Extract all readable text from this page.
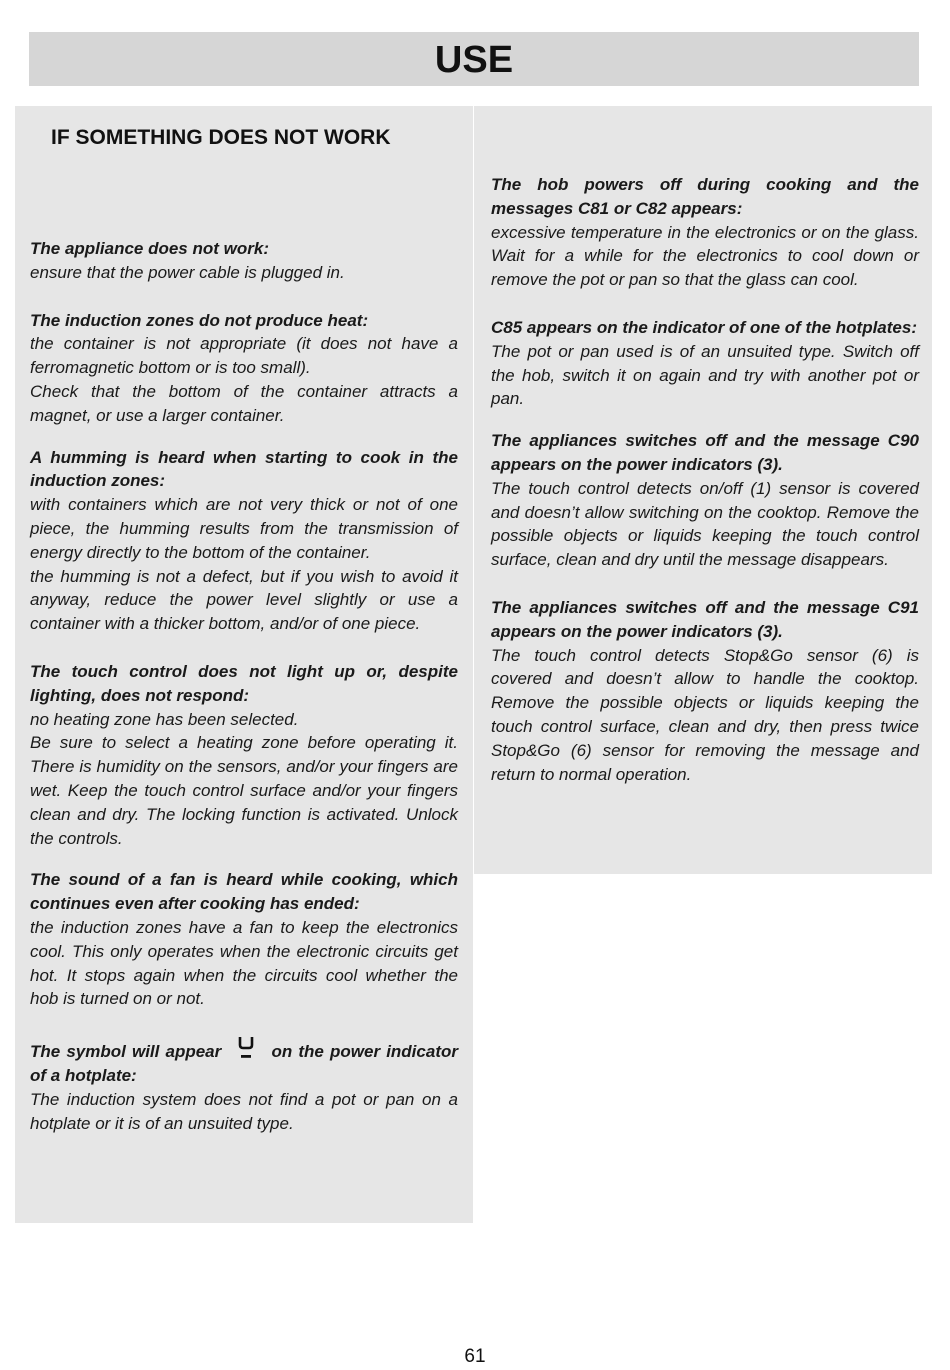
USE
IF SOMETHING DOES NOT WORK

The appliance does not work:

ensure that the power cable is plugged in.

The induction zones do not produce heat:

the container is not appropriate (it does not have a ferromagnetic bottom or is too small).

Check that the bottom of the container attracts a magnet, or use a larger container.

A humming is heard when starting to cook in the induction zones:

with containers which are not very thick or not of one piece, the humming results from the transmission of energy directly to the bottom of the container.

the humming is not a defect, but if you wish to avoid it anyway, reduce the power level slightly or use a container with a thicker bottom, and/or of one piece.

The touch control does not light up or, despite lighting, does not respond:

no heating zone has been selected.

Be sure to select a heating zone before operating it. There is humidity on the sensors, and/or your fingers are wet. Keep the touch control surface and/or your fingers clean and dry. The locking function is activated. Unlock the controls.

The sound of a fan is heard while cooking, which continues even after cooking has ended:

the induction zones have a fan to keep the electronics cool. This only operates when the electronic circuits get hot. It stops again when the circuits cool whether the hob is turned on or not.

The symbol will appear	on the power indicator of a hotplate:

The induction system does not find a pot or pan on a hotplate or it is of an unsuited type.

The hob powers off during cooking and the messages C81 or C82 appears:

excessive temperature in the electronics or on the glass. Wait for a while for the electronics to cool down or remove the pot or pan so that the glass can cool.

C85 appears on the indicator of one of the hotplates:

The pot or pan used is of an unsuited type. Switch off the hob, switch it on again and try with another pot or pan.

The appliances switches off and the message C90 appears on the power indicators (3).

The touch control detects on/off (1) sensor is covered and doesn’t allow switching on the cooktop. Remove the possible objects or liquids keeping the touch control surface, clean and dry until the message disappears.

The appliances switches off and the message C91 appears on the power indicators (3).

The touch control detects Stop&Go sensor (6) is covered and doesn’t allow to handle the cooktop. Remove the possible objects or liquids keeping the touch control surface, clean and dry, then press twice Stop&Go (6) sensor for removing the message and return to normal operation.

61
